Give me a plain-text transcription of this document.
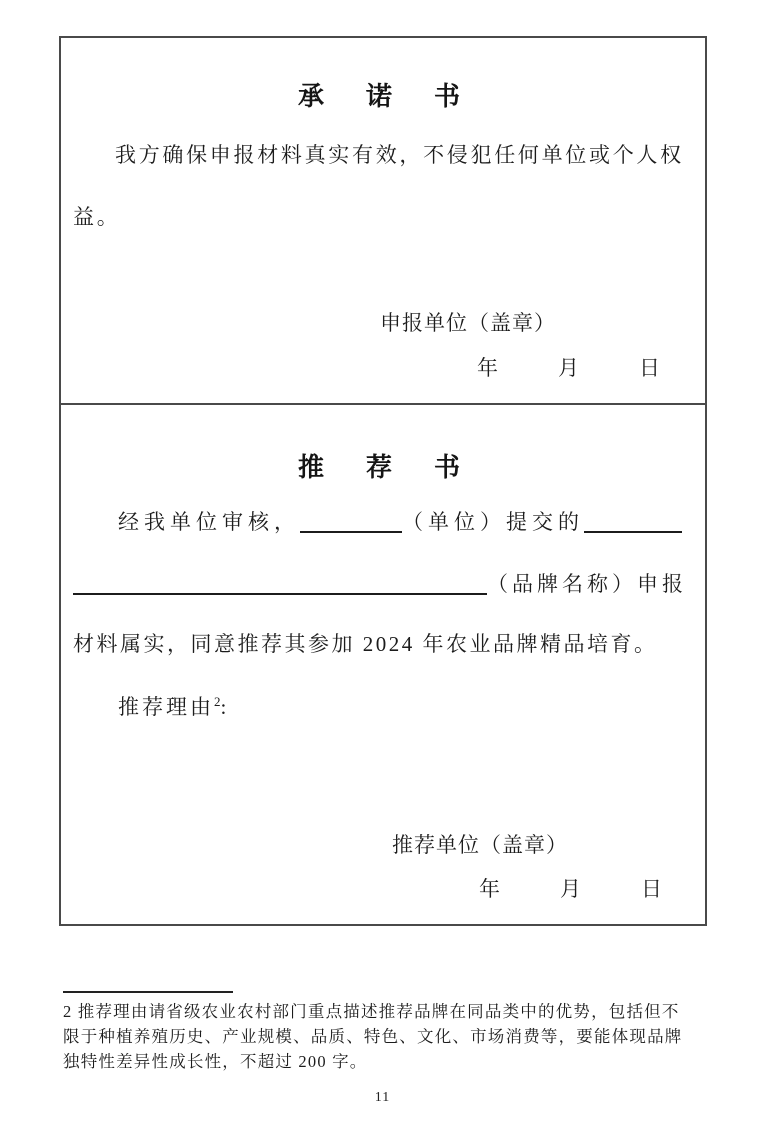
承　诺　书
我方确保申报材料真实有效，不侵犯任何单位或个人权
益。
申报单位（盖章）
年　　月　　日
推　荐　书
经我单位审核，	（单位）提交的
（品牌名称）申报
材料属实，同意推荐其参加 2024 年农业品牌精品培育。
推荐理由$^2$:
推荐单位（盖章）
年　　月　　日
2 推荐理由请省级农业农村部门重点描述推荐品牌在同品类中的优势，包括但不
限于种植养殖历史、产业规模、品质、特色、文化、市场消费等，要能体现品牌
独特性差异性成长性，不超过 200 字。
11
